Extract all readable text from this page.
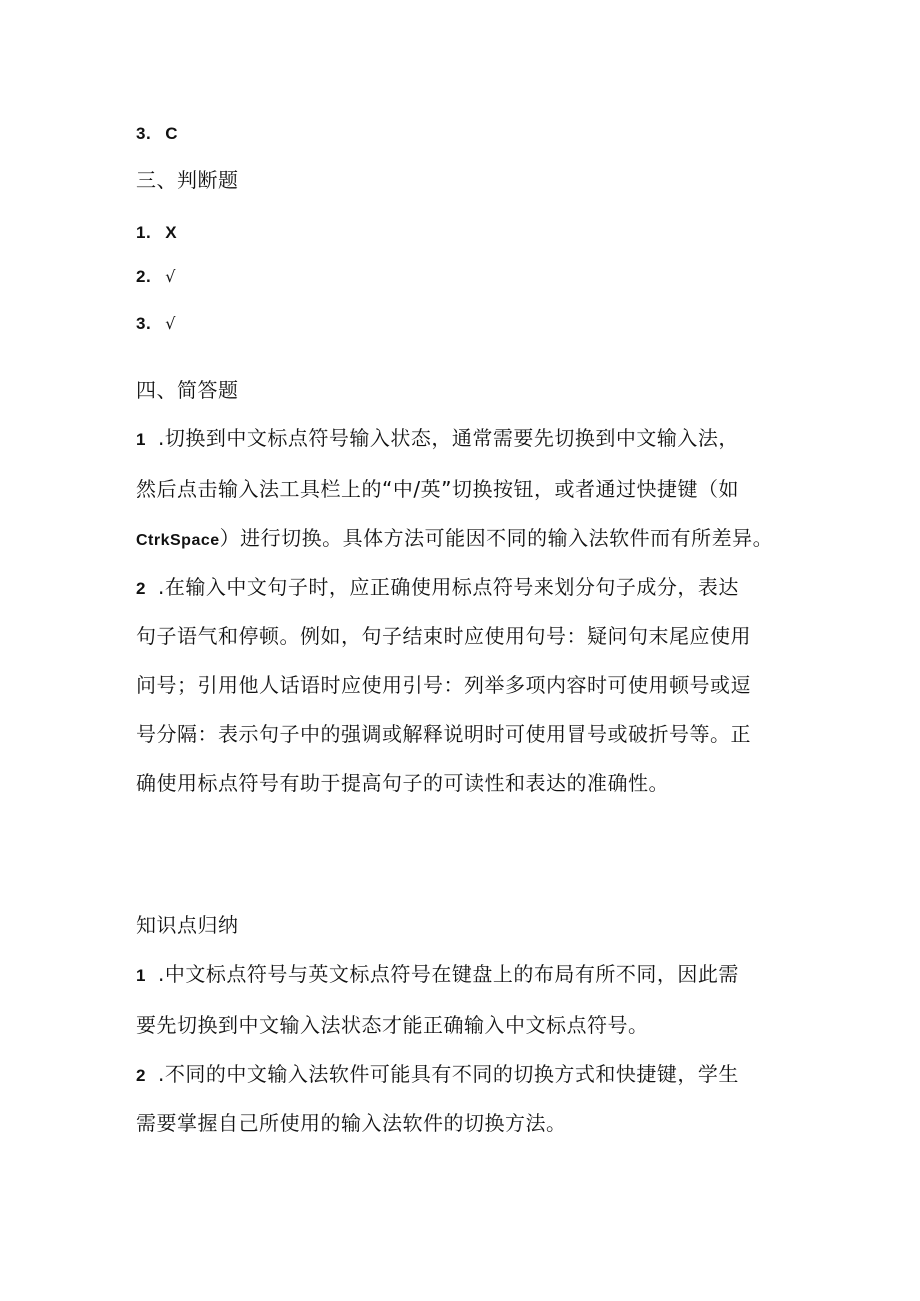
3. C
三、判断题
1. X
2. √
3. √
四、简答题
1 .切换到中文标点符号输入状态，通常需要先切换到中文输入法，
然后点击输入法工具栏上的“中/英”切换按钮，或者通过快捷键（如
CtrkSpace）进行切换。具体方法可能因不同的输入法软件而有所差异。
2 .在输入中文句子时，应正确使用标点符号来划分句子成分，表达
句子语气和停顿。例如，句子结束时应使用句号：疑问句末尾应使用
问号；引用他人话语时应使用引号：列举多项内容时可使用顿号或逗
号分隔：表示句子中的强调或解释说明时可使用冒号或破折号等。正
确使用标点符号有助于提高句子的可读性和表达的准确性。
知识点归纳
1 .中文标点符号与英文标点符号在键盘上的布局有所不同，因此需
要先切换到中文输入法状态才能正确输入中文标点符号。
2 .不同的中文输入法软件可能具有不同的切换方式和快捷键，学生
需要掌握自己所使用的输入法软件的切换方法。
